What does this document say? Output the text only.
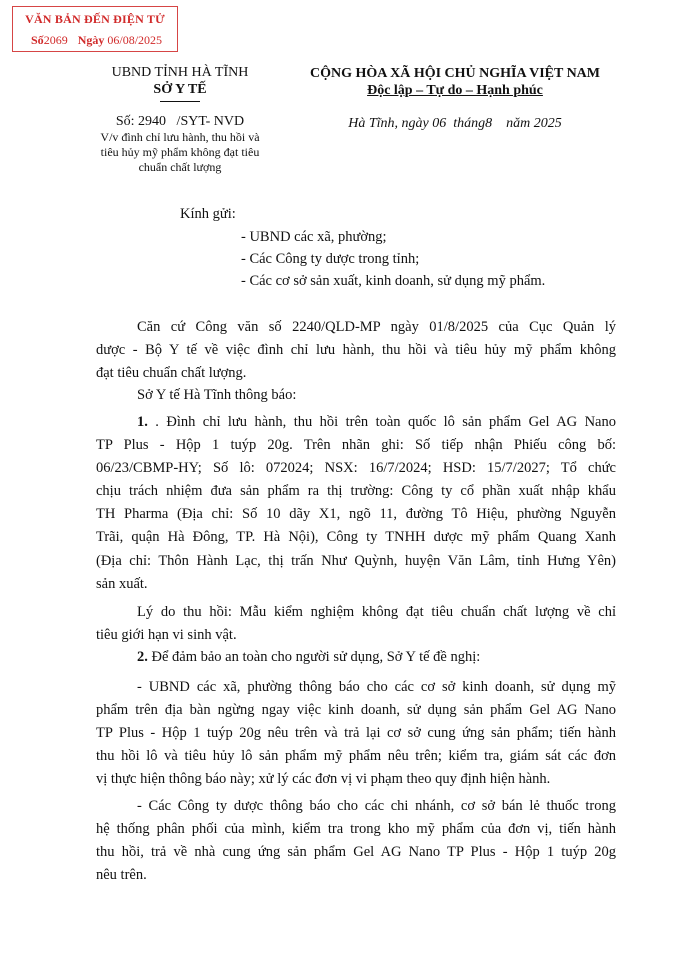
VĂN BẢN ĐẾN ĐIỆN TỬ
Số2069 Ngày 06/08/2025
UBND TỈNH HÀ TĨNH
SỞ Y TẾ
Số: 2940   /SYT- NVD
V/v đình chỉ lưu hành, thu hồi và
tiêu hủy mỹ phẩm không đạt tiêu
chuẩn chất lượng
CỘNG HÒA XÃ HỘI CHỦ NGHĨA VIỆT NAM
Độc lập – Tự do – Hạnh phúc
Hà Tĩnh, ngày 06  tháng8    năm 2025
Kính gửi:
- UBND các xã, phường;
- Các Công ty dược trong tỉnh;
- Các cơ sở sản xuất, kinh doanh, sử dụng mỹ phẩm.
Căn cứ Công văn số 2240/QLD-MP ngày 01/8/2025 của Cục Quản lý
dược - Bộ Y tế về việc đình chỉ lưu hành, thu hồi và tiêu hủy mỹ phẩm không
đạt tiêu chuẩn chất lượng.
Sở Y tế Hà Tĩnh thông báo:
1. . Đình chỉ lưu hành, thu hồi trên toàn quốc lô sản phẩm Gel AG Nano
TP Plus - Hộp 1 tuýp 20g. Trên nhãn ghi: Số tiếp nhận Phiếu công bố:
06/23/CBMP-HY; Số lô: 072024; NSX: 16/7/2024; HSD: 15/7/2027; Tổ chức
chịu trách nhiệm đưa sản phẩm ra thị trường: Công ty cổ phần xuất nhập khẩu
TH Pharma (Địa chỉ: Số 10 dãy X1, ngõ 11, đường Tô Hiệu, phường Nguyễn
Trãi, quận Hà Đông, TP. Hà Nội), Công ty TNHH dược mỹ phẩm Quang Xanh
(Địa chỉ: Thôn Hành Lạc, thị trấn Như Quỳnh, huyện Văn Lâm, tỉnh Hưng Yên)
sản xuất.
Lý do thu hồi: Mẫu kiểm nghiệm không đạt tiêu chuẩn chất lượng về chỉ
tiêu giới hạn vi sinh vật.
2. Để đảm bảo an toàn cho người sử dụng, Sở Y tế đề nghị:
- UBND các xã, phường thông báo cho các cơ sở kinh doanh, sử dụng mỹ
phẩm trên địa bàn ngừng ngay việc kinh doanh, sử dụng sản phẩm Gel AG Nano
TP Plus - Hộp 1 tuýp 20g nêu trên và trả lại cơ sở cung ứng sản phẩm; tiến hành
thu hồi lô và tiêu hủy lô sản phẩm mỹ phẩm nêu trên; kiểm tra, giám sát các đơn
vị thực hiện thông báo này; xử lý các đơn vị vi phạm theo quy định hiện hành.
- Các Công ty dược thông báo cho các chi nhánh, cơ sở bán lẻ thuốc trong
hệ thống phân phối của mình, kiểm tra trong kho mỹ phẩm của đơn vị, tiến hành
thu hồi, trả về nhà cung ứng sản phẩm Gel AG Nano TP Plus - Hộp 1 tuýp 20g
nêu trên.
